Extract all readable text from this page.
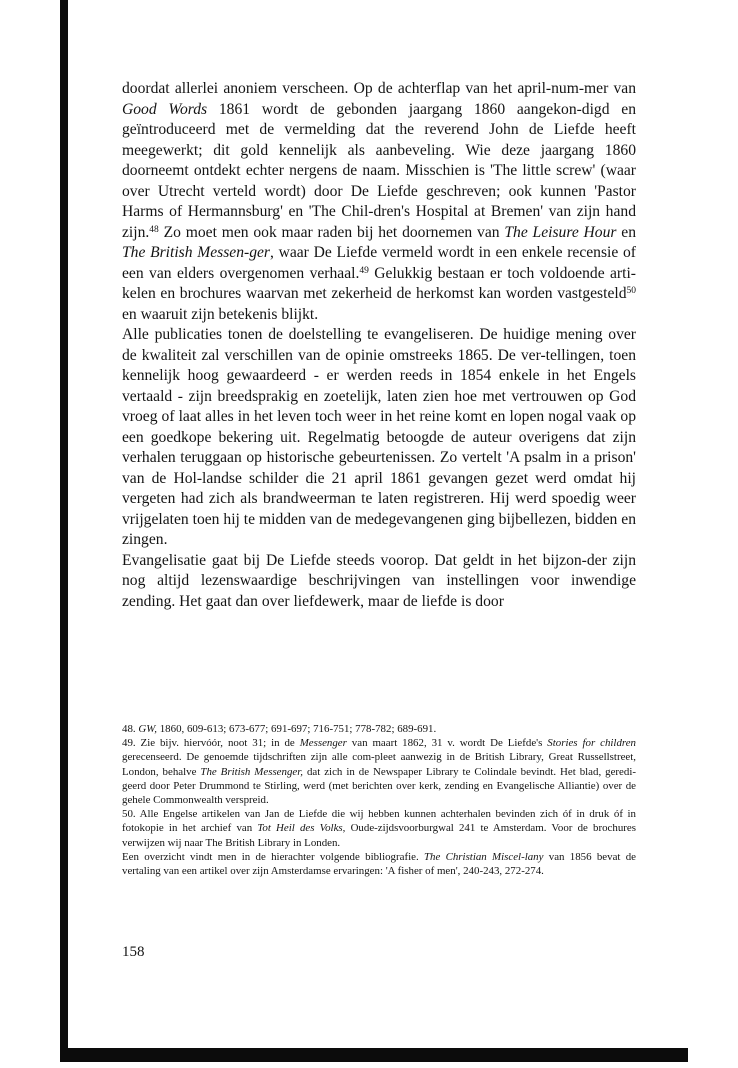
doordat allerlei anoniem verscheen. Op de achterflap van het april-num-mer van Good Words 1861 wordt de gebonden jaargang 1860 aangekon-digd en geïntroduceerd met de vermelding dat the reverend John de Liefde heeft meegewerkt; dit gold kennelijk als aanbeveling. Wie deze jaargang 1860 doorneemt ontdekt echter nergens de naam. Misschien is 'The little screw' (waar over Utrecht verteld wordt) door De Liefde geschreven; ook kunnen 'Pastor Harms of Hermannsburg' en 'The Chil-dren's Hospital at Bremen' van zijn hand zijn.$^{48}$ Zo moet men ook maar raden bij het doornemen van The Leisure Hour en The British Messen-ger, waar De Liefde vermeld wordt in een enkele recensie of een van elders overgenomen verhaal.$^{49}$ Gelukkig bestaan er toch voldoende arti-kelen en brochures waarvan met zekerheid de herkomst kan worden vastgesteld$^{50}$ en waaruit zijn betekenis blijkt.

Alle publicaties tonen de doelstelling te evangeliseren. De huidige mening over de kwaliteit zal verschillen van de opinie omstreeks 1865. De ver-tellingen, toen kennelijk hoog gewaardeerd - er werden reeds in 1854 enkele in het Engels vertaald - zijn breedsprakig en zoetelijk, laten zien hoe met vertrouwen op God vroeg of laat alles in het leven toch weer in het reine komt en lopen nogal vaak op een goedkope bekering uit. Regelmatig betoogde de auteur overigens dat zijn verhalen teruggaan op historische gebeurtenissen. Zo vertelt 'A psalm in a prison' van de Hol-landse schilder die 21 april 1861 gevangen gezet werd omdat hij vergeten had zich als brandweerman te laten registreren. Hij werd spoedig weer vrijgelaten toen hij te midden van de medegevangenen ging bijbellezen, bidden en zingen.

Evangelisatie gaat bij De Liefde steeds voorop. Dat geldt in het bijzon-der zijn nog altijd lezenswaardige beschrijvingen van instellingen voor inwendige zending. Het gaat dan over liefdewerk, maar de liefde is door

48. GW, 1860, 609-613; 673-677; 691-697; 716-751; 778-782; 689-691.

49. Zie bijv. hiervóór, noot 31; in de Messenger van maart 1862, 31 v. wordt De Liefde's Stories for children gerecenseerd. De genoemde tijdschriften zijn alle com-pleet aanwezig in de British Library, Great Russellstreet, London, behalve The British Messenger, dat zich in de Newspaper Library te Colindale bevindt. Het blad, geredi-geerd door Peter Drummond te Stirling, werd (met berichten over kerk, zending en Evangelische Alliantie) over de gehele Commonwealth verspreid.

50. Alle Engelse artikelen van Jan de Liefde die wij hebben kunnen achterhalen bevinden zich óf in druk óf in fotokopie in het archief van Tot Heil des Volks, Oude-zijdsvoorburgwal 241 te Amsterdam. Voor de brochures verwijzen wij naar The British Library in Londen.

Een overzicht vindt men in de hierachter volgende bibliografie. The Christian Miscel-lany van 1856 bevat de vertaling van een artikel over zijn Amsterdamse ervaringen: 'A fisher of men', 240-243, 272-274.

158
